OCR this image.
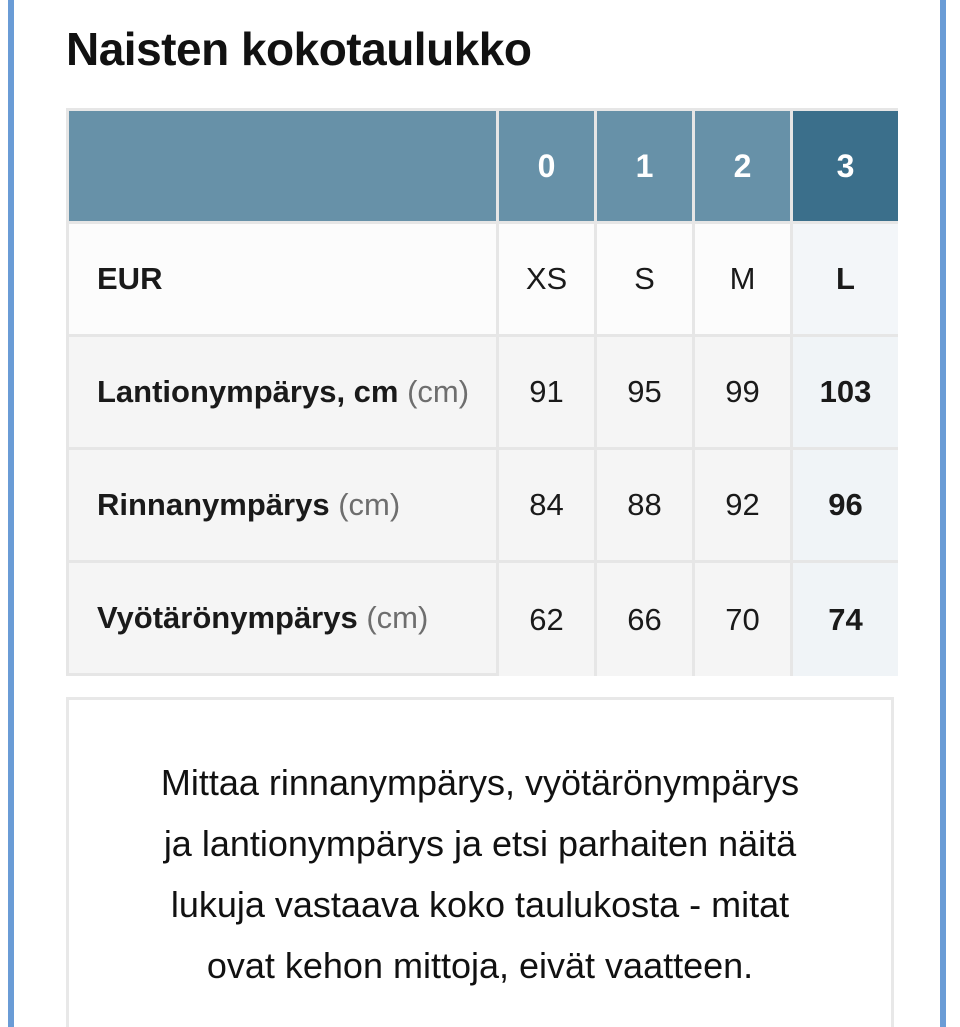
Naisten kokotaulukko
	0	1	2	3
EUR	XS	S	M	L
Lantionympärys, cm (cm)	91	95	99	103
Rinnanympärys (cm)	84	88	92	96
Vyötärönympärys (cm)	62	66	70	74

Mittaa rinnanympärys, vyötärönympärys
ja lantionympärys ja etsi parhaiten näitä
lukuja vastaava koko taulukosta - mitat
ovat kehon mittoja, eivät vaatteen.
